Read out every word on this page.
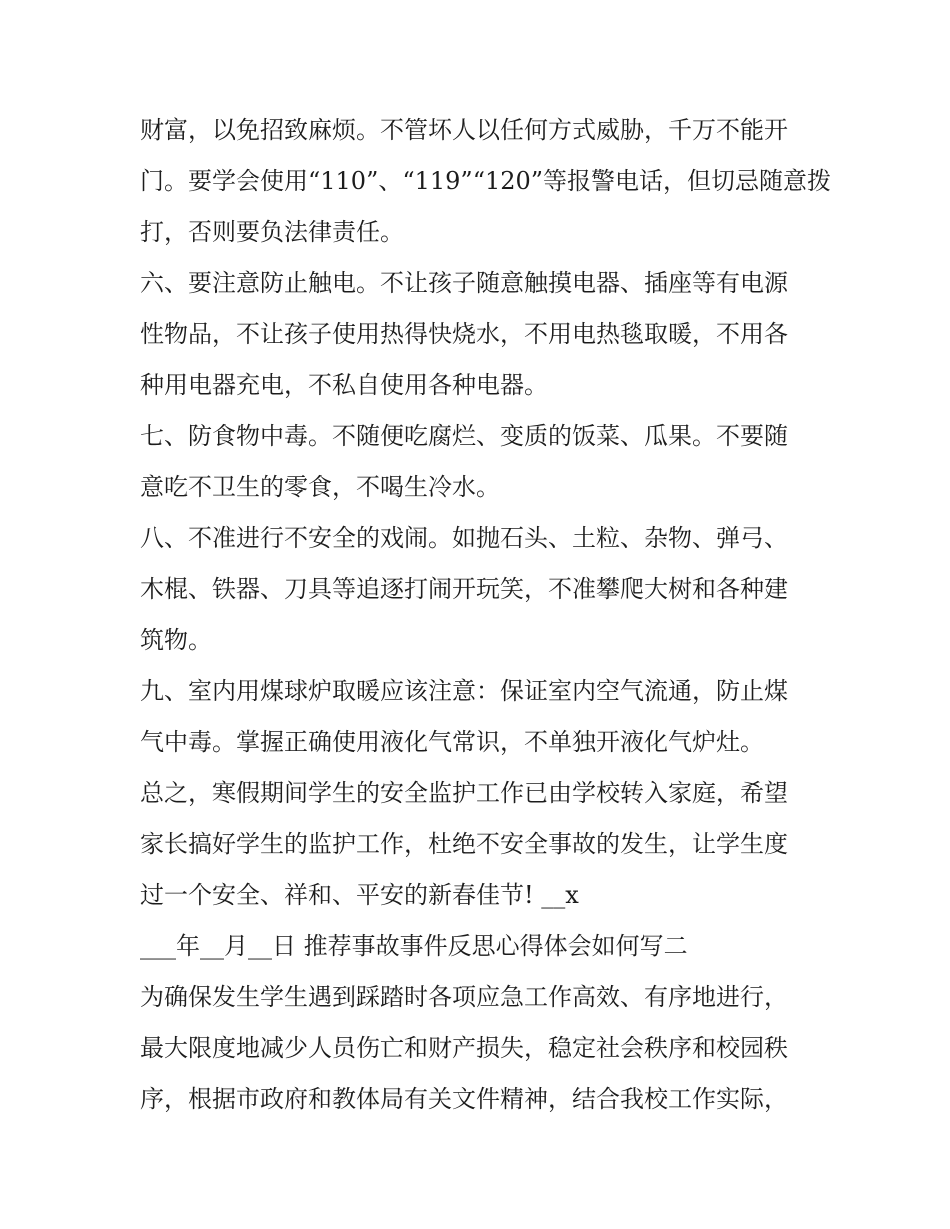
财富，以免招致麻烦。不管坏人以任何方式威胁，千万不能开
门。要学会使用“110”、“119”“120”等报警电话，但切忌随意拨
打，否则要负法律责任。
六、要注意防止触电。不让孩子随意触摸电器、插座等有电源
性物品，不让孩子使用热得快烧水，不用电热毯取暖，不用各
种用电器充电，不私自使用各种电器。
七、防食物中毒。不随便吃腐烂、变质的饭菜、瓜果。不要随
意吃不卫生的零食，不喝生冷水。
八、不准进行不安全的戏闹。如抛石头、土粒、杂物、弹弓、
木棍、铁器、刀具等追逐打闹开玩笑，不准攀爬大树和各种建
筑物。
九、室内用煤球炉取暖应该注意：保证室内空气流通，防止煤
气中毒。掌握正确使用液化气常识，不单独开液化气炉灶。
总之，寒假期间学生的安全监护工作已由学校转入家庭，希望
家长搞好学生的监护工作，杜绝不安全事故的发生，让学生度
过一个安全、祥和、平安的新春佳节! __x
___年__月__日 推荐事故事件反思心得体会如何写二
为确保发生学生遇到踩踏时各项应急工作高效、有序地进行，
最大限度地减少人员伤亡和财产损失，稳定社会秩序和校园秩
序，根据市政府和教体局有关文件精神，结合我校工作实际，
